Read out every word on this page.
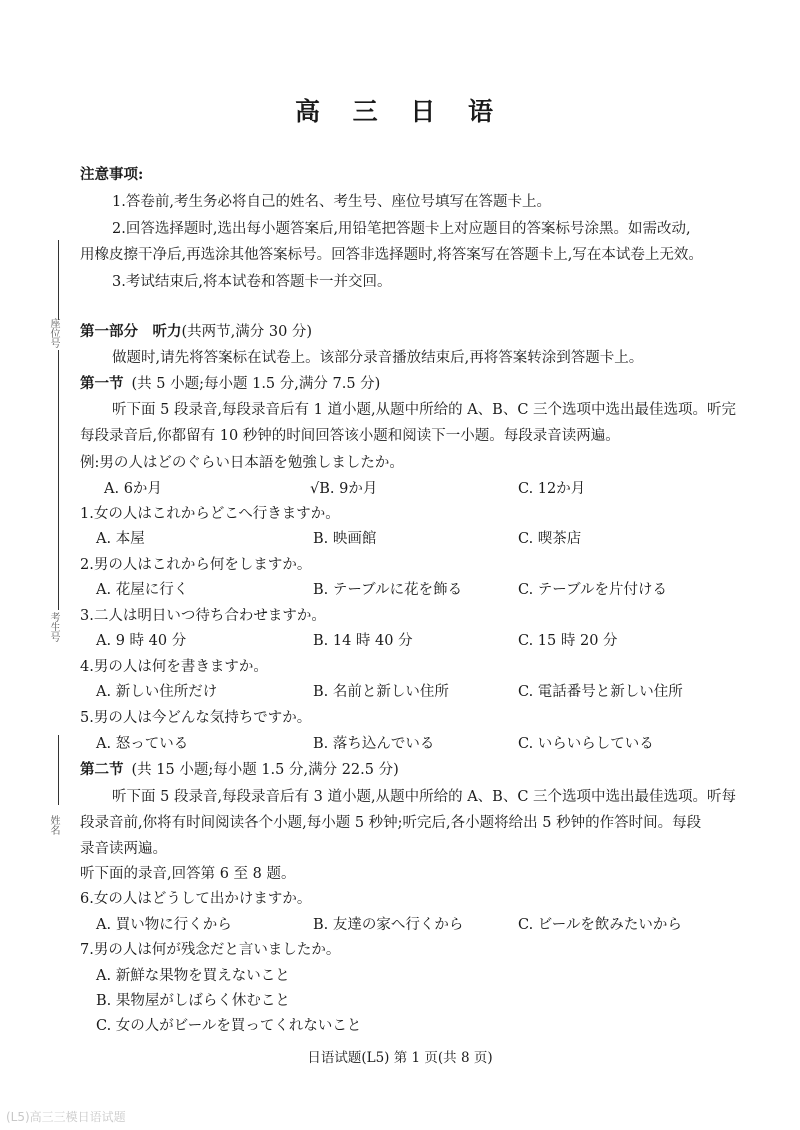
座位号
考生号
姓名
高 三 日 语
注意事项:
1.答卷前,考生务必将自己的姓名、考生号、座位号填写在答题卡上。
2.回答选择题时,选出每小题答案后,用铅笔把答题卡上对应题目的答案标号涂黑。如需改动,
用橡皮擦干净后,再选涂其他答案标号。回答非选择题时,将答案写在答题卡上,写在本试卷上无效。
3.考试结束后,将本试卷和答题卡一并交回。
第一部分　听力(共两节,满分 30 分)
做题时,请先将答案标在试卷上。该部分录音播放结束后,再将答案转涂到答题卡上。
第一节 (共 5 小题;每小题 1.5 分,满分 7.5 分)
听下面 5 段录音,每段录音后有 1 道小题,从题中所给的 A、B、C 三个选项中选出最佳选项。听完
每段录音后,你都留有 10 秒钟的时间回答该小题和阅读下一小题。每段录音读两遍。
例:男の人はどのぐらい日本語を勉強しましたか。
A. 6か月	√B. 9か月	C. 12か月
1.女の人はこれからどこへ行きますか。
A. 本屋	B. 映画館	C. 喫茶店
2.男の人はこれから何をしますか。
A. 花屋に行く	B. テーブルに花を飾る	C. テーブルを片付ける
3.二人は明日いつ待ち合わせますか。
A. 9 時 40 分	B. 14 時 40 分	C. 15 時 20 分
4.男の人は何を書きますか。
A. 新しい住所だけ	B. 名前と新しい住所	C. 電話番号と新しい住所
5.男の人は今どんな気持ちですか。
A. 怒っている	B. 落ち込んでいる	C. いらいらしている
第二节 (共 15 小题;每小题 1.5 分,满分 22.5 分)
听下面 5 段录音,每段录音后有 3 道小题,从题中所给的 A、B、C 三个选项中选出最佳选项。听每
段录音前,你将有时间阅读各个小题,每小题 5 秒钟;听完后,各小题将给出 5 秒钟的作答时间。每段
录音读两遍。
听下面的录音,回答第 6 至 8 题。
6.女の人はどうして出かけますか。
A. 買い物に行くから	B. 友達の家へ行くから	C. ビールを飲みたいから
7.男の人は何が残念だと言いましたか。
A. 新鮮な果物を買えないこと
B. 果物屋がしばらく休むこと
C. 女の人がビールを買ってくれないこと
日语试题(L5) 第 1 页(共 8 页)
(L5)高三三模日语试题
